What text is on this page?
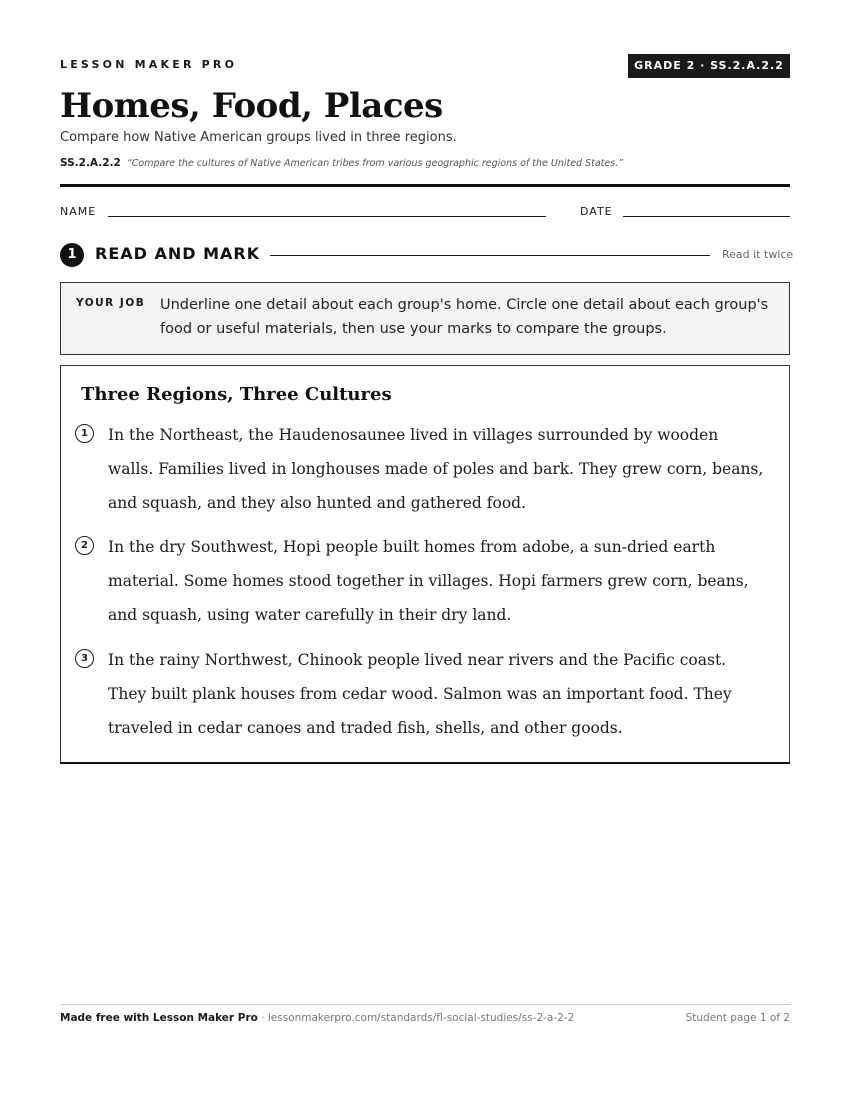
LESSON MAKER PRO	GRADE 2 · SS.2.A.2.2
Homes, Food, Places
Compare how Native American groups lived in three regions.
SS.2.A.2.2 “Compare the cultures of Native American tribes from various geographic regions of the United States.”
NAME	DATE
1	READ AND MARK	Read it twice
YOUR JOB Underline one detail about each group's home. Circle one detail about each group's food or useful materials, then use your marks to compare the groups.
Three Regions, Three Cultures
1	In the Northeast, the Haudenosaunee lived in villages surrounded by wooden walls. Families lived in longhouses made of poles and bark. They grew corn, beans, and squash, and they also hunted and gathered food.
2	In the dry Southwest, Hopi people built homes from adobe, a sun-dried earth material. Some homes stood together in villages. Hopi farmers grew corn, beans, and squash, using water carefully in their dry land.
3	In the rainy Northwest, Chinook people lived near rivers and the Pacific coast. They built plank houses from cedar wood. Salmon was an important food. They traveled in cedar canoes and traded fish, shells, and other goods.
Made free with Lesson Maker Pro · lessonmakerpro.com/standards/fl-social-studies/ss-2-a-2-2	Student page 1 of 2
